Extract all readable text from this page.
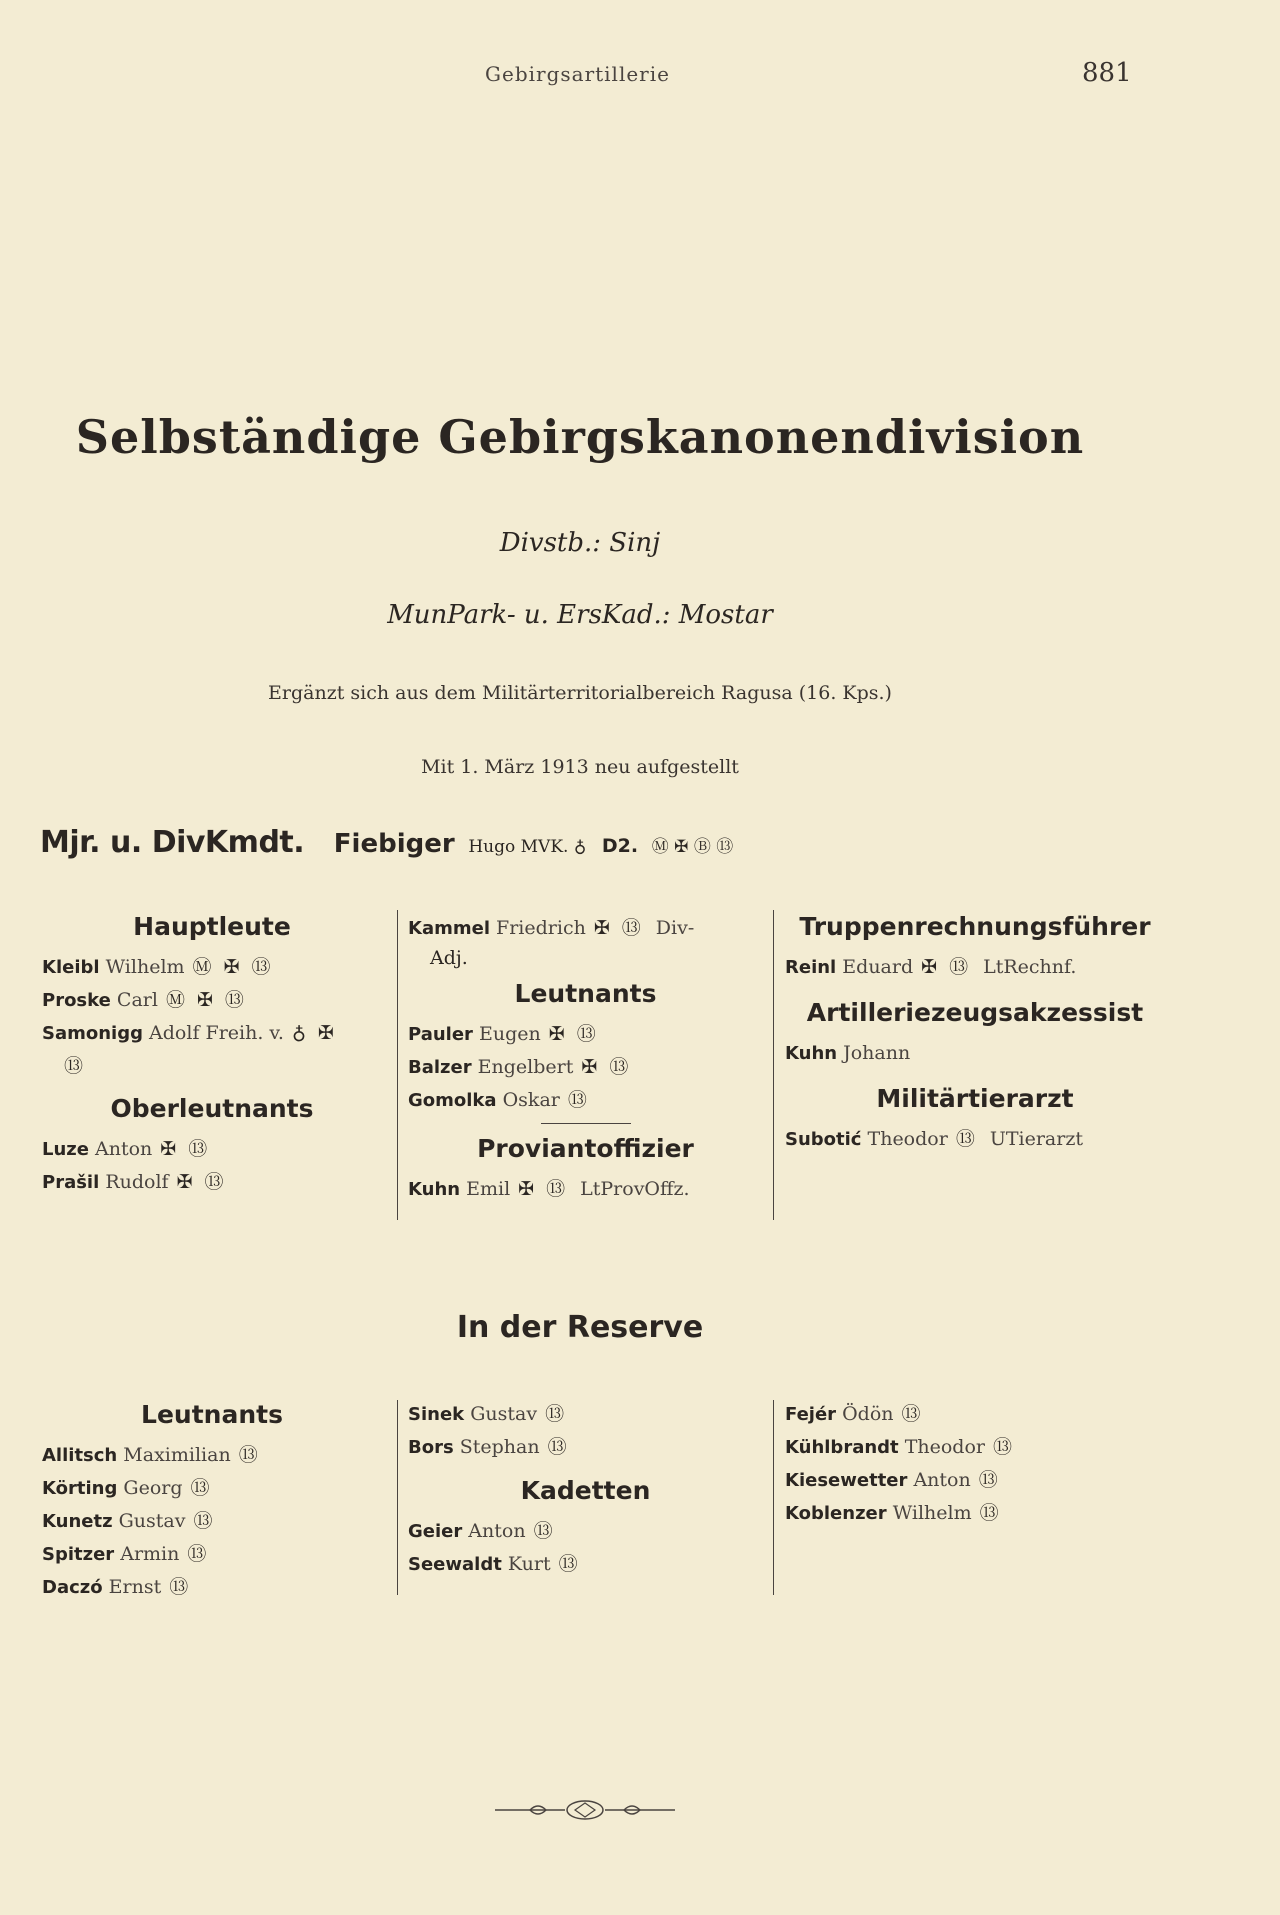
Gebirgsartillerie	881
Selbständige Gebirgskanonendivision
Divstb.: Sinj
MunPark- u. ErsKad.: Mostar
Ergänzt sich aus dem Militärterritorialbereich Ragusa (16. Kps.)
Mit 1. März 1913 neu aufgestellt
Mjr. u. DivKmdt. Fiebiger Hugo MVK. ♁ D2. Ⓜ ✠ Ⓑ ⑬
Hauptleute
Kleibl Wilhelm Ⓜ ✠ ⑬
Proske Carl Ⓜ ✠ ⑬
Samonigg Adolf Freih. v. ♁ ✠
⑬
Oberleutnants
Luze Anton ✠ ⑬
Prašil Rudolf ✠ ⑬
Kammel Friedrich ✠ ⑬ Div-
Adj.
Leutnants
Pauler Eugen ✠ ⑬
Balzer Engelbert ✠ ⑬
Gomolka Oskar ⑬
Proviantoffizier
Kuhn Emil ✠ ⑬ LtProvOffz.
Truppenrechnungsführer
Reinl Eduard ✠ ⑬ LtRechnf.
Artilleriezeugsakzessist
Kuhn Johann
Militärtierarzt
Subotić Theodor ⑬ UTierarzt
In der Reserve
Leutnants
Allitsch Maximilian ⑬
Körting Georg ⑬
Kunetz Gustav ⑬
Spitzer Armin ⑬
Daczó Ernst ⑬
Sinek Gustav ⑬
Bors Stephan ⑬
Kadetten
Geier Anton ⑬
Seewaldt Kurt ⑬
Fejér Ödön ⑬
Kühlbrandt Theodor ⑬
Kiesewetter Anton ⑬
Koblenzer Wilhelm ⑬
